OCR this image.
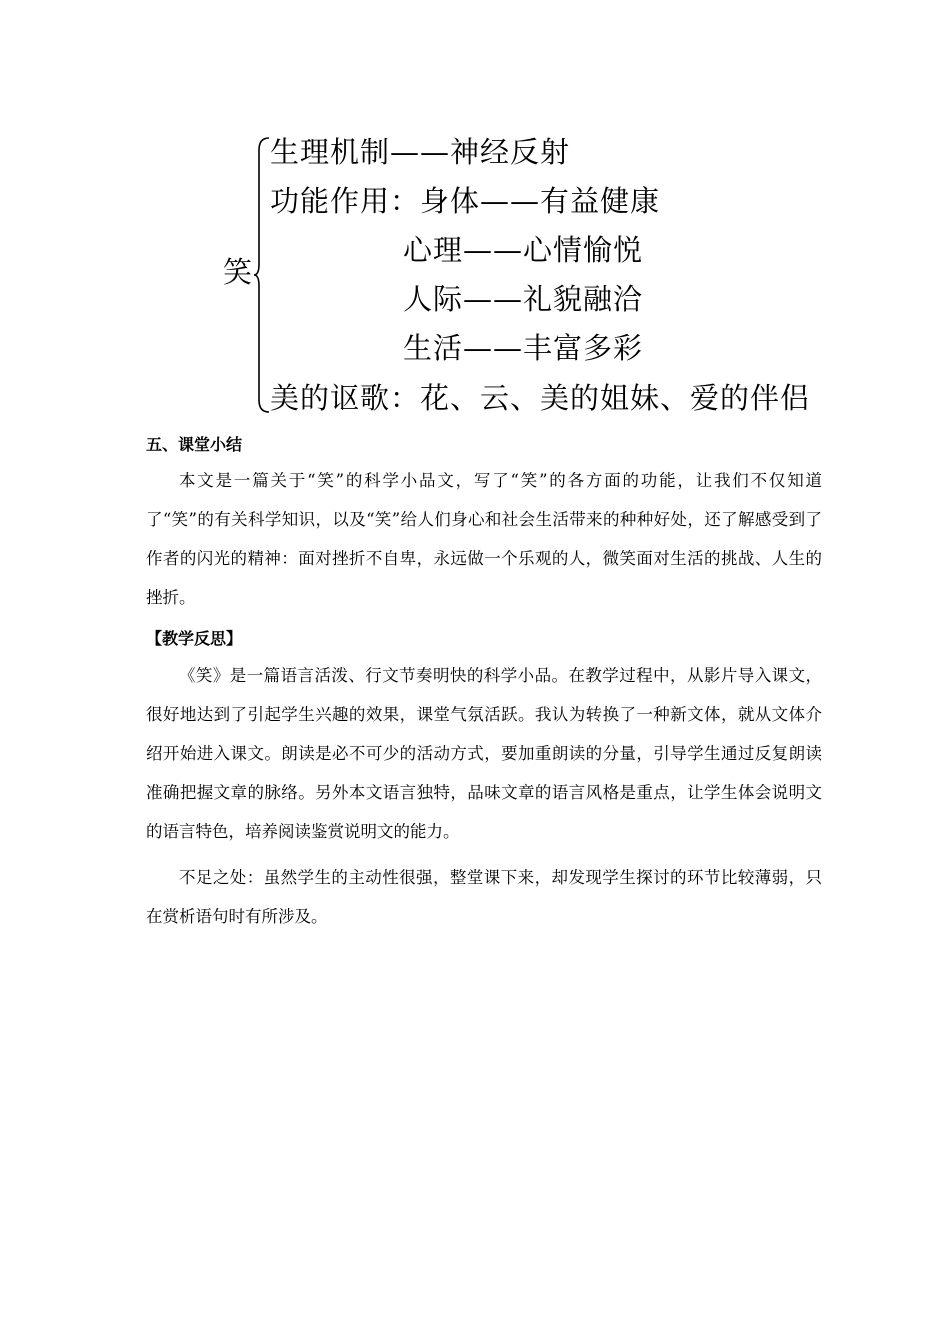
笑
生理机制——神经反射
功能作用：身体——有益健康
心理——心情愉悦
人际——礼貌融洽
生活——丰富多彩
美的讴歌：花、云、美的姐妹、爱的伴侣
五、课堂小结

本文是一篇关于“笑”的科学小品文，写了“笑”的各方面的功能，让我们不仅知道了“笑”的有关科学知识，以及“笑”给人们身心和社会生活带来的种种好处，还了解感受到了作者的闪光的精神：面对挫折不自卑，永远做一个乐观的人，微笑面对生活的挑战、人生的挫折。

【教学反思】

《笑》是一篇语言活泼、行文节奏明快的科学小品。在教学过程中，从影片导入课文，很好地达到了引起学生兴趣的效果，课堂气氛活跃。我认为转换了一种新文体，就从文体介绍开始进入课文。朗读是必不可少的活动方式，要加重朗读的分量，引导学生通过反复朗读准确把握文章的脉络。另外本文语言独特，品味文章的语言风格是重点，让学生体会说明文的语言特色，培养阅读鉴赏说明文的能力。

不足之处：虽然学生的主动性很强，整堂课下来，却发现学生探讨的环节比较薄弱，只在赏析语句时有所涉及。
